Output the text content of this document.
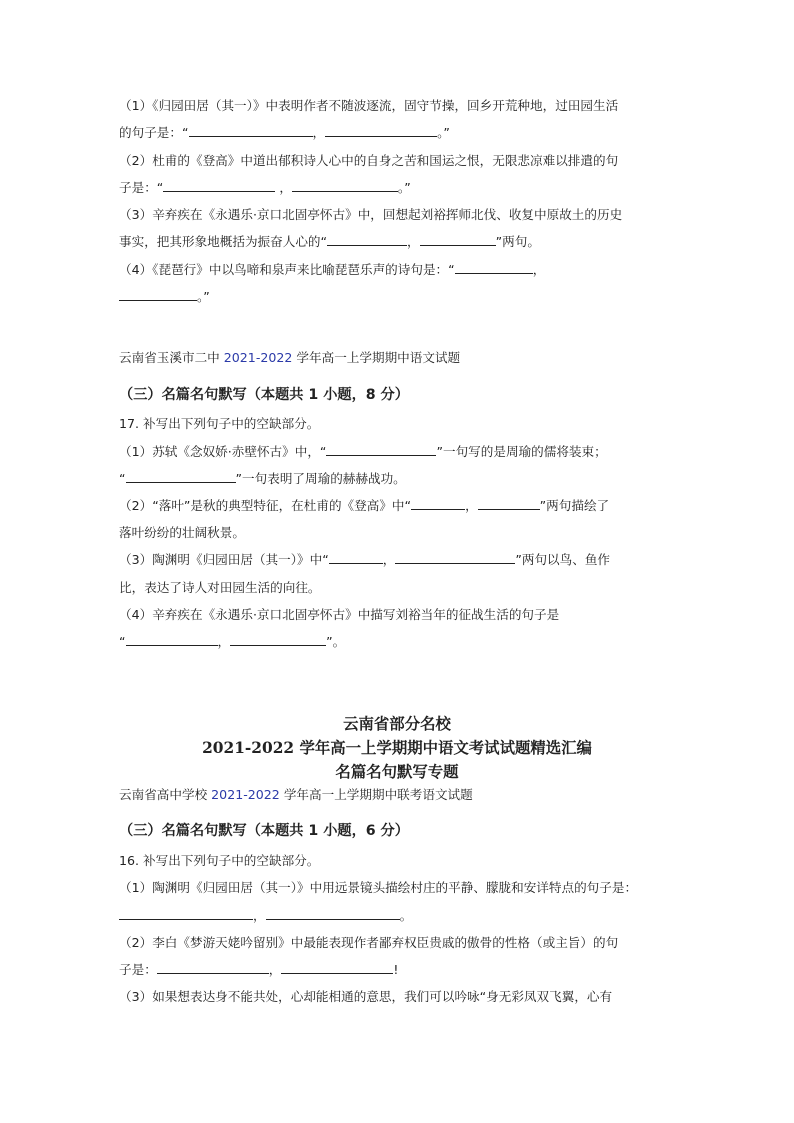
（1）《归园田居（其一）》中表明作者不随波逐流，固守节操，回乡开荒种地，过田园生活
的句子是：“	，	。”
（2）杜甫的《登高》中道出郁积诗人心中的自身之苦和国运之恨，无限悲凉难以排遣的句
子是：“	，	。”
（3）辛弃疾在《永遇乐·京口北固亭怀古》中，回想起刘裕挥师北伐、收复中原故土的历史
事实，把其形象地概括为振奋人心的“	，	”两句。
（4）《琵琶行》中以鸟啼和泉声来比喻琵琶乐声的诗句是：“	，
。”
云南省玉溪市二中 2021-2022 学年高一上学期期中语文试题
（三）名篇名句默写（本题共 1 小题，8 分）
17. 补写出下列句子中的空缺部分。
（1）苏轼《念奴娇·赤壁怀古》中，“	”一句写的是周瑜的儒将装束；
“	”一句表明了周瑜的赫赫战功。
（2）“落叶”是秋的典型特征，在杜甫的《登高》中“	，	”两句描绘了
落叶纷纷的壮阔秋景。
（3）陶渊明《归园田居（其一）》中“	，	”两句以鸟、鱼作
比，表达了诗人对田园生活的向往。
（4）辛弃疾在《永遇乐·京口北固亭怀古》中描写刘裕当年的征战生活的句子是
“	，	”。
云南省部分名校
2021-2022 学年高一上学期期中语文考试试题精选汇编
名篇名句默写专题
云南省高中学校 2021-2022 学年高一上学期期中联考语文试题
（三）名篇名句默写（本题共 1 小题，6 分）
16. 补写出下列句子中的空缺部分。
（1）陶渊明《归园田居（其一）》中用远景镜头描绘村庄的平静、朦胧和安详特点的句子是：
，	。
（2）李白《梦游天姥吟留别》中最能表现作者鄙弃权臣贵戚的傲骨的性格（或主旨）的句
子是：	，	!
（3）如果想表达身不能共处，心却能相通的意思，我们可以吟咏“身无彩凤双飞翼，心有
